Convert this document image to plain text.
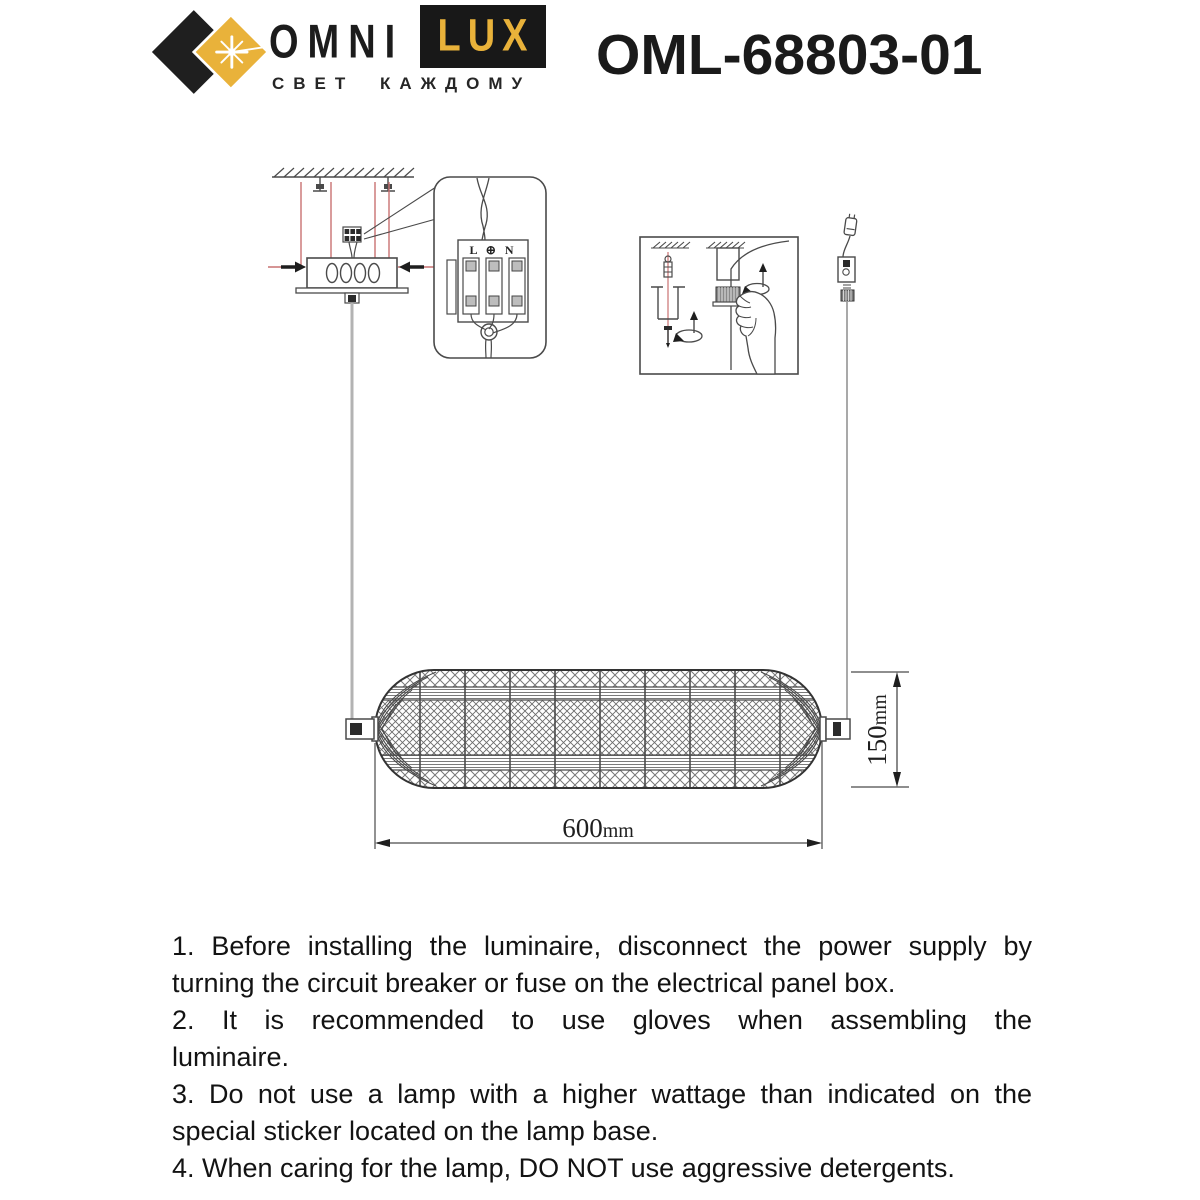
OMNI LUX
СВЕТ КАЖДОМУ OML-68803-01
L ⊕ N
600mm
150mm
1. Before installing the luminaire, disconnect the power supply by
turning the circuit breaker or fuse on the electrical panel box.
2. It is recommended to use gloves when assembling the
luminaire.
3. Do not use a lamp with a higher wattage than indicated on the
special sticker located on the lamp base.
4. When caring for the lamp, DO NOT use aggressive detergents.
